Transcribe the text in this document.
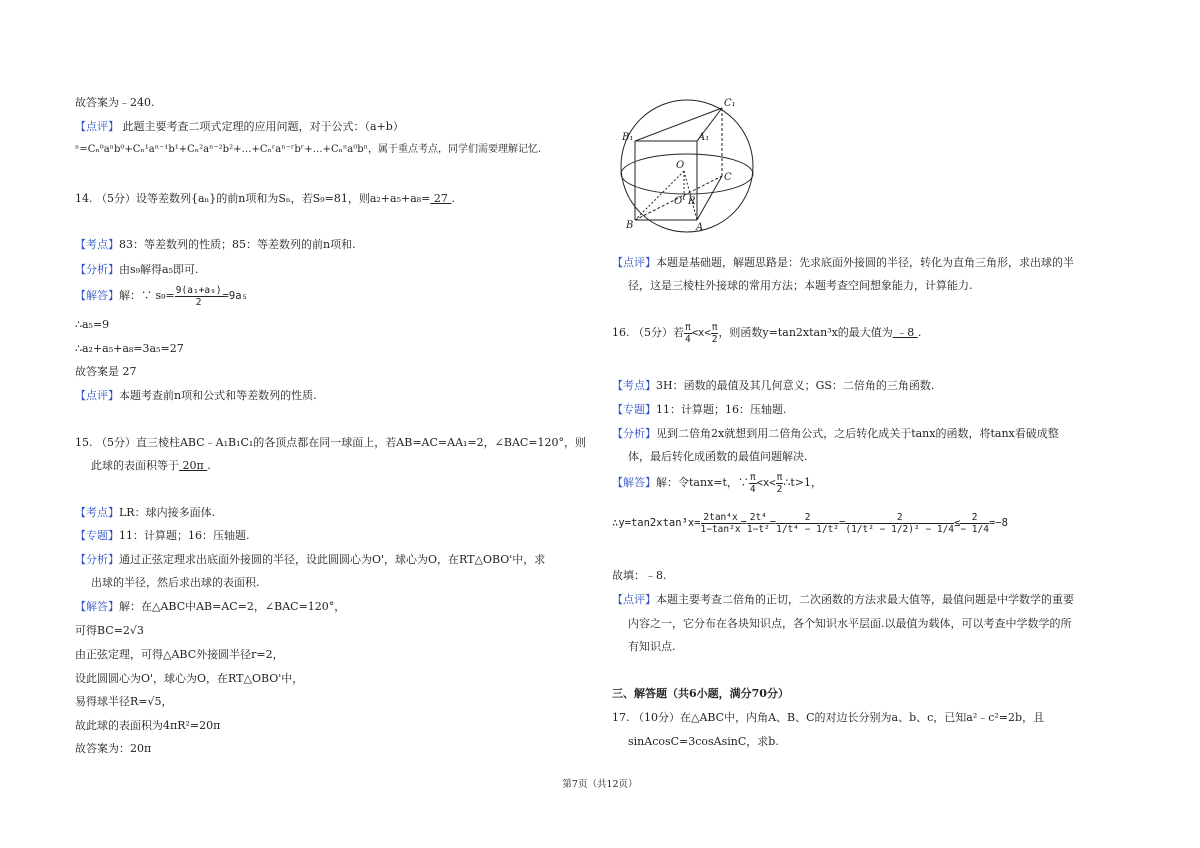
故答案为﹣240.
【点评】 此题主要考查二项式定理的应用问题，对于公式：（a+b）
ⁿ=Cₙ⁰aⁿb⁰+Cₙ¹aⁿ⁻¹b¹+Cₙ²aⁿ⁻²b²+…+Cₙʳaⁿ⁻ʳbʳ+…+Cₙⁿa⁰bⁿ，属于重点考点，同学们需要理解记忆.
14. （5分）设等差数列{aₙ}的前n项和为Sₙ，若S₉=81，则a₂+a₅+a₈= 27 .
【考点】83：等差数列的性质；85：等差数列的前n项和.
【分析】由s₉解得a₅即可.
【解答】解：∵ $s_9= \frac{\text{9(a₁+a₉)}}{2} =9a_5$
∴a₅=9
∴a₂+a₅+a₈=3a₅=27
故答案是 27
【点评】本题考查前n项和公式和等差数列的性质.
15. （5分）直三棱柱ABC﹣A₁B₁C₁的各顶点都在同一球面上，若AB=AC=AA₁=2，∠BAC=120°，则
此球的表面积等于 20π .
【考点】LR：球内接多面体.
【专题】11：计算题；16：压轴题.
【分析】通过正弦定理求出底面外接圆的半径，设此圆圆心为O'，球心为O，在RT△OBO'中，求
出球的半径，然后求出球的表面积.
【解答】解：在△ABC中AB=AC=2，∠BAC=120°，
可得BC=2√3
由正弦定理，可得△ABC外接圆半径r=2，
设此圆圆心为O'，球心为O，在RT△OBO'中，
易得球半径R=√5，
故此球的表面积为4πR²=20π
故答案为：20π
C₁
B₁	A₁
O
C
O' R
B	A
【点评】本题是基础题，解题思路是：先求底面外接圆的半径，转化为直角三角形，求出球的半
径，这是三棱柱外接球的常用方法；本题考查空间想象能力，计算能力.
16. （5分）若 $\frac{\pi}{4} <x< \frac{\pi}{2}$ ，则函数y=tan2xtan³x的最大值为 ﹣8 .
【考点】3H：函数的最值及其几何意义；GS：二倍角的三角函数.
【专题】11：计算题；16：压轴题.
【分析】见到二倍角2x就想到用二倍角公式，之后转化成关于tanx的函数，将tanx看破成整
体，最后转化成函数的最值问题解决.
【解答】解：令tanx=t，∵ $\frac{\pi}{4} <x< \frac{\pi}{2}$ ∴t>1，
∴y=tan2xtan³x= $\frac{\text{2tan⁴x}}{\text{1−tan²x}} = \frac{\text{2t⁴}}{\text{1−t²}} = \frac{2}{\text{1/t⁴ − 1/t²}} = \frac{2}{\text{(1/t² − 1/2)² − 1/4}} \le \frac{2}{- 1/4} =-8$
故填：﹣8.
【点评】本题主要考查二倍角的正切，二次函数的方法求最大值等，最值问题是中学数学的重要
内容之一，它分布在各块知识点，各个知识水平层面.以最值为载体，可以考查中学数学的所
有知识点.
三、解答题（共6小题，满分70分）
17. （10分）在△ABC中，内角A、B、C的对边长分别为a、b、c，已知a²﹣c²=2b，且
sinAcosC=3cosAsinC，求b.
第7页（共12页）
